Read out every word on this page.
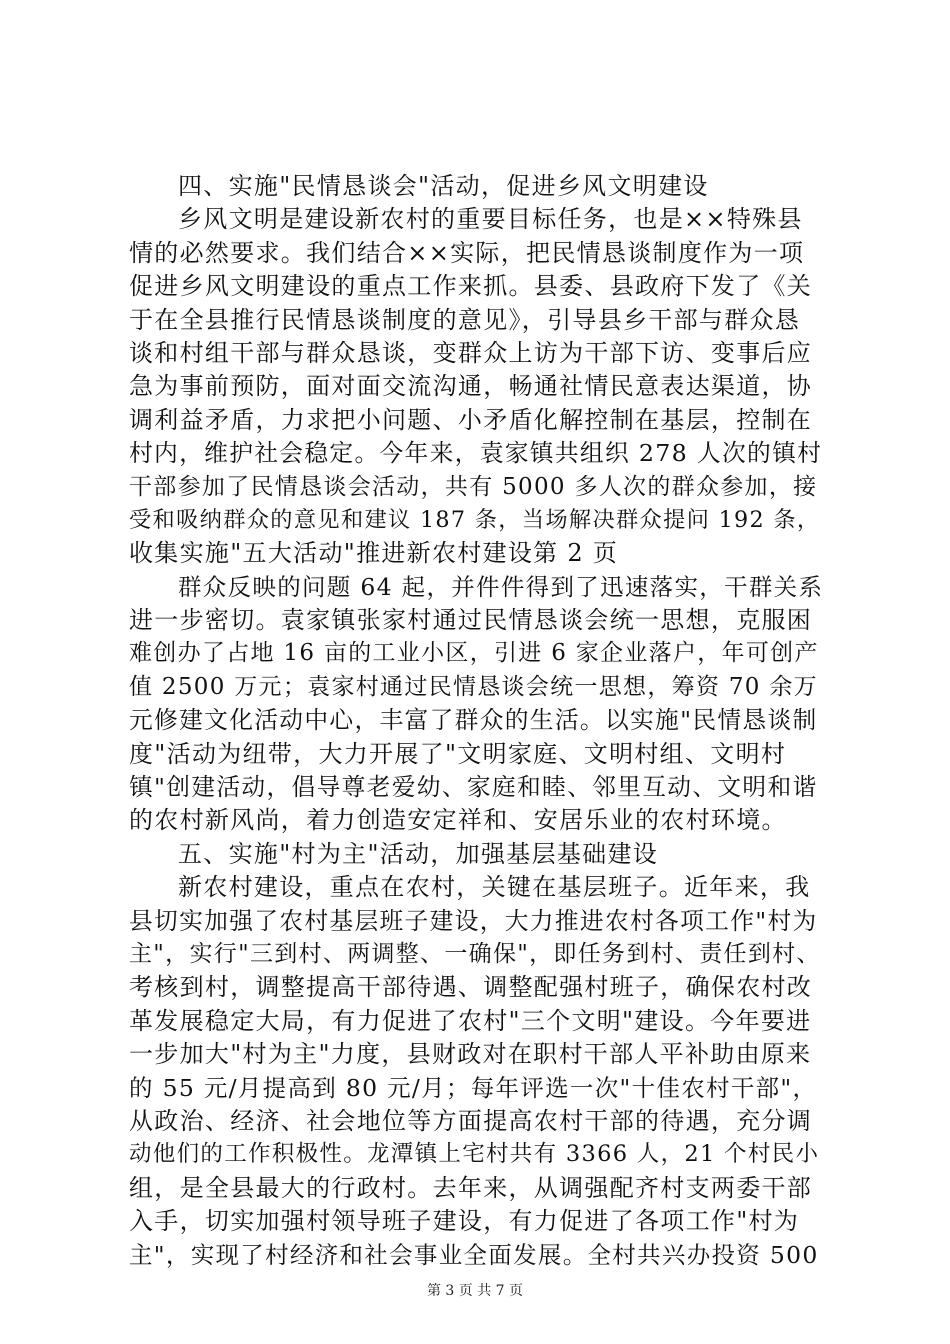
四、实施"民情恳谈会"活动，促进乡风文明建设
乡风文明是建设新农村的重要目标任务，也是××特殊县
情的必然要求。我们结合××实际，把民情恳谈制度作为一项
促进乡风文明建设的重点工作来抓。县委、县政府下发了《关
于在全县推行民情恳谈制度的意见》，引导县乡干部与群众恳
谈和村组干部与群众恳谈，变群众上访为干部下访、变事后应
急为事前预防，面对面交流沟通，畅通社情民意表达渠道，协
调利益矛盾，力求把小问题、小矛盾化解控制在基层，控制在
村内，维护社会稳定。今年来，袁家镇共组织 278 人次的镇村
干部参加了民情恳谈会活动，共有 5000 多人次的群众参加，接
受和吸纳群众的意见和建议 187 条，当场解决群众提问 192 条，
收集实施"五大活动"推进新农村建设第 2 页
群众反映的问题 64 起，并件件得到了迅速落实，干群关系
进一步密切。袁家镇张家村通过民情恳谈会统一思想，克服困
难创办了占地 16 亩的工业小区，引进 6 家企业落户，年可创产
值 2500 万元；袁家村通过民情恳谈会统一思想，筹资 70 余万
元修建文化活动中心，丰富了群众的生活。以实施"民情恳谈制
度"活动为纽带，大力开展了"文明家庭、文明村组、文明村
镇"创建活动，倡导尊老爱幼、家庭和睦、邻里互动、文明和谐
的农村新风尚，着力创造安定祥和、安居乐业的农村环境。
五、实施"村为主"活动，加强基层基础建设
新农村建设，重点在农村，关键在基层班子。近年来，我
县切实加强了农村基层班子建设，大力推进农村各项工作"村为
主"，实行"三到村、两调整、一确保"，即任务到村、责任到村、
考核到村，调整提高干部待遇、调整配强村班子，确保农村改
革发展稳定大局，有力促进了农村"三个文明"建设。今年要进
一步加大"村为主"力度，县财政对在职村干部人平补助由原来
的 55 元/月提高到 80 元/月；每年评选一次"十佳农村干部"，
从政治、经济、社会地位等方面提高农村干部的待遇，充分调
动他们的工作积极性。龙潭镇上宅村共有 3366 人，21 个村民小
组，是全县最大的行政村。去年来，从调强配齐村支两委干部
入手，切实加强村领导班子建设，有力促进了各项工作"村为
主"，实现了村经济和社会事业全面发展。全村共兴办投资 500
第 3 页 共 7 页
